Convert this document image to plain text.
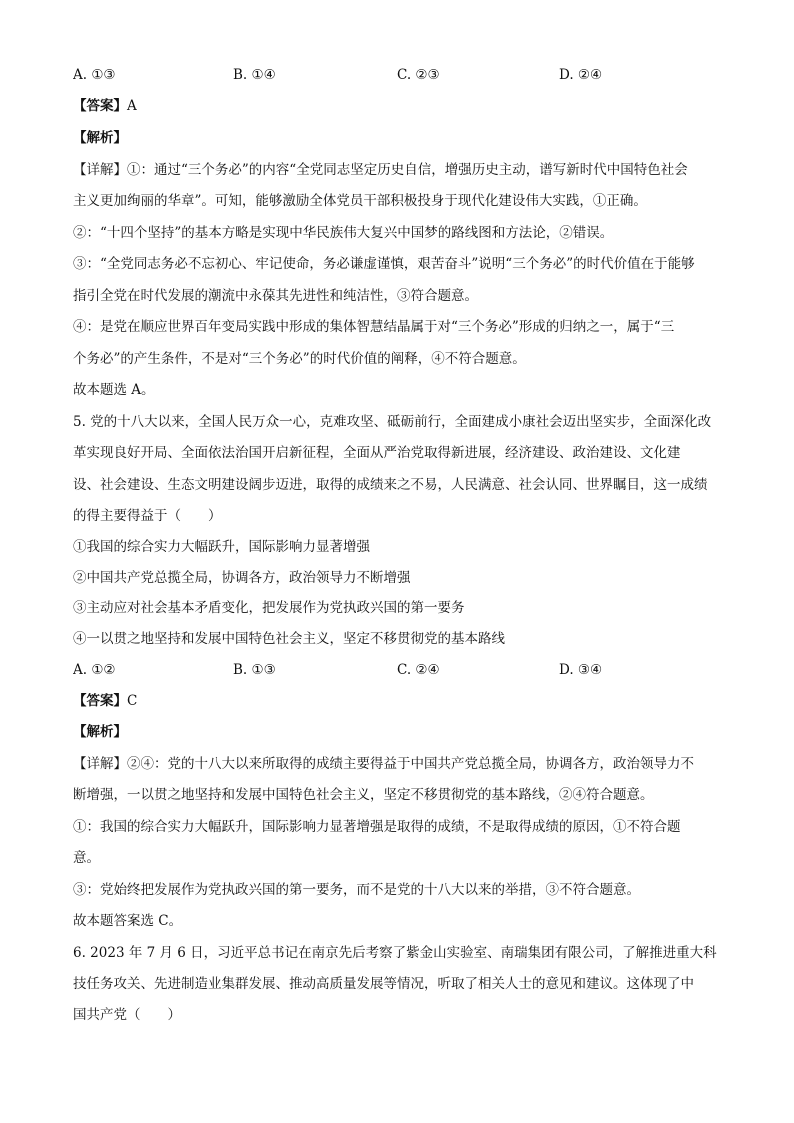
A. ①③	B. ①④	C. ②③	D. ②④
【答案】A
【解析】
【详解】①：通过“三个务必”的内容“全党同志坚定历史自信，增强历史主动，谱写新时代中国特色社会
主义更加绚丽的华章”。可知，能够激励全体党员干部积极投身于现代化建设伟大实践，①正确。
②：“十四个坚持”的基本方略是实现中华民族伟大复兴中国梦的路线图和方法论，②错误。
③：“全党同志务必不忘初心、牢记使命，务必谦虚谨慎，艰苦奋斗”说明“三个务必”的时代价值在于能够
指引全党在时代发展的潮流中永葆其先进性和纯洁性，③符合题意。
④：是党在顺应世界百年变局实践中形成的集体智慧结晶属于对“三个务必”形成的归纳之一，属于“三
个务必”的产生条件，不是对“三个务必”的时代价值的阐释，④不符合题意。
故本题选 A。
5. 党的十八大以来，全国人民万众一心，克难攻坚、砥砺前行，全面建成小康社会迈出坚实步，全面深化改
革实现良好开局、全面依法治国开启新征程，全面从严治党取得新进展，经济建设、政治建设、文化建
设、社会建设、生态文明建设阔步迈进，取得的成绩来之不易，人民满意、社会认同、世界瞩目，这一成绩
的得主要得益于（　　）
①我国的综合实力大幅跃升，国际影响力显著增强
②中国共产党总揽全局，协调各方，政治领导力不断增强
③主动应对社会基本矛盾变化，把发展作为党执政兴国的第一要务
④一以贯之地坚持和发展中国特色社会主义，坚定不移贯彻党的基本路线
A. ①②	B. ①③	C. ②④	D. ③④
【答案】C
【解析】
【详解】②④：党的十八大以来所取得的成绩主要得益于中国共产党总揽全局，协调各方，政治领导力不
断增强，一以贯之地坚持和发展中国特色社会主义，坚定不移贯彻党的基本路线，②④符合题意。
①：我国的综合实力大幅跃升，国际影响力显著增强是取得的成绩，不是取得成绩的原因，①不符合题
意。
③：党始终把发展作为党执政兴国的第一要务，而不是党的十八大以来的举措，③不符合题意。
故本题答案选 C。
6. 2023 年 7 月 6 日，习近平总书记在南京先后考察了紫金山实验室、南瑞集团有限公司，了解推进重大科
技任务攻关、先进制造业集群发展、推动高质量发展等情况，听取了相关人士的意见和建议。这体现了中
国共产党（　　）
